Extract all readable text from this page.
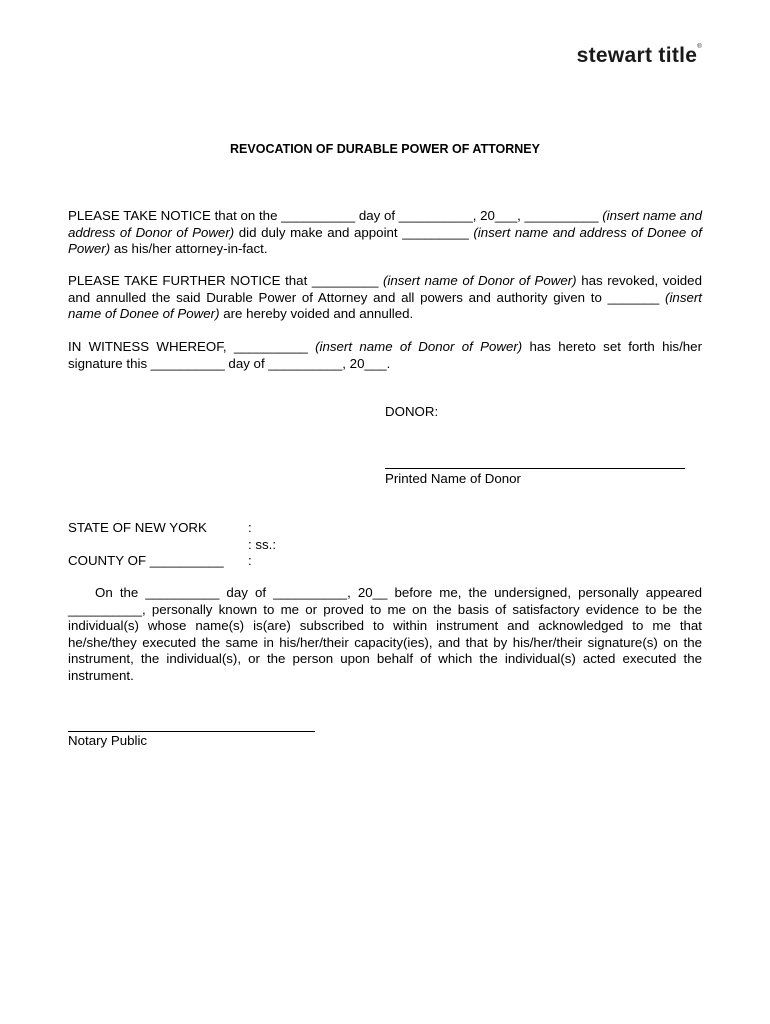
stewart title®
REVOCATION OF DURABLE POWER OF ATTORNEY
PLEASE TAKE NOTICE that on the __________ day of __________, 20___, __________ (insert name and address of Donor of Power) did duly make and appoint _________ (insert name and address of Donee of Power) as his/her attorney-in-fact.
PLEASE TAKE FURTHER NOTICE that _________ (insert name of Donor of Power) has revoked, voided and annulled the said Durable Power of Attorney and all powers and authority given to _______ (insert name of Donee of Power) are hereby voided and annulled.
IN WITNESS WHEREOF, __________ (insert name of Donor of Power) has hereto set forth his/her signature this __________ day of __________, 20___.
DONOR:
Printed Name of Donor
STATE OF NEW YORK
COUNTY OF __________
:
: ss.:
:
On the __________ day of __________, 20__ before me, the undersigned, personally appeared __________, personally known to me or proved to me on the basis of satisfactory evidence to be the individual(s) whose name(s) is(are) subscribed to within instrument and acknowledged to me that he/she/they executed the same in his/her/their capacity(ies), and that by his/her/their signature(s) on the instrument, the individual(s), or the person upon behalf of which the individual(s) acted executed the instrument.
Notary Public
